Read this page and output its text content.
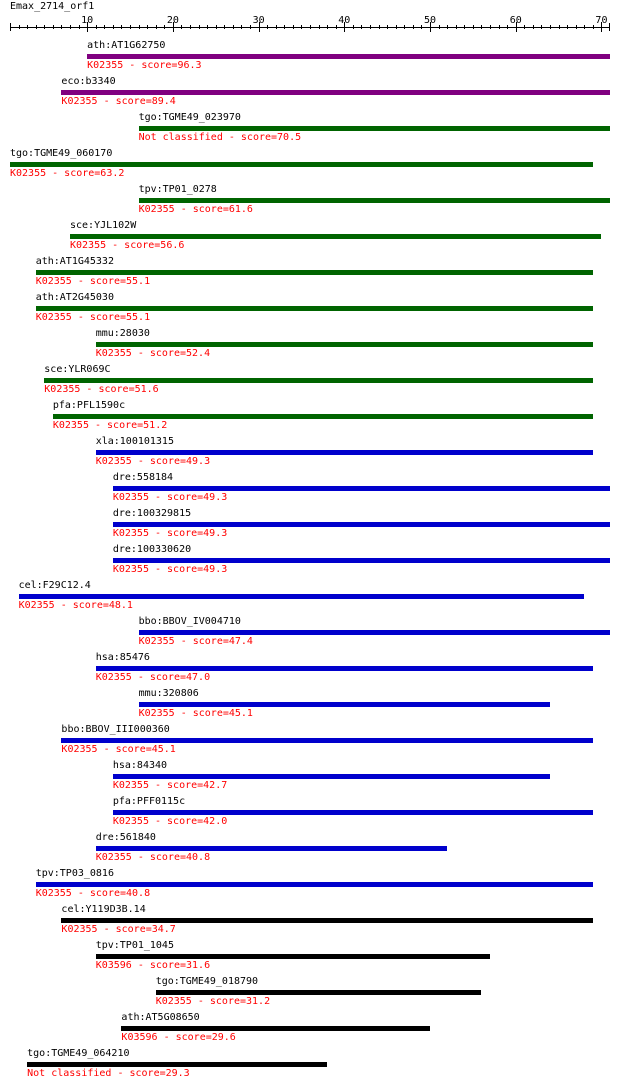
Emax_2714_orf1
10	20	30	40	50	60	70
ath:AT1G62750
K02355 - score=96.3
eco:b3340
K02355 - score=89.4
tgo:TGME49_023970
Not classified - score=70.5
tgo:TGME49_060170
K02355 - score=63.2
tpv:TP01_0278
K02355 - score=61.6
sce:YJL102W
K02355 - score=56.6
ath:AT1G45332
K02355 - score=55.1
ath:AT2G45030
K02355 - score=55.1
mmu:28030
K02355 - score=52.4
sce:YLR069C
K02355 - score=51.6
pfa:PFL1590c
K02355 - score=51.2
xla:100101315
K02355 - score=49.3
dre:558184
K02355 - score=49.3
dre:100329815
K02355 - score=49.3
dre:100330620
K02355 - score=49.3
cel:F29C12.4
K02355 - score=48.1
bbo:BBOV_IV004710
K02355 - score=47.4
hsa:85476
K02355 - score=47.0
mmu:320806
K02355 - score=45.1
bbo:BBOV_III000360
K02355 - score=45.1
hsa:84340
K02355 - score=42.7
pfa:PFF0115c
K02355 - score=42.0
dre:561840
K02355 - score=40.8
tpv:TP03_0816
K02355 - score=40.8
cel:Y119D3B.14
K02355 - score=34.7
tpv:TP01_1045
K03596 - score=31.6
tgo:TGME49_018790
K02355 - score=31.2
ath:AT5G08650
K03596 - score=29.6
tgo:TGME49_064210
Not classified - score=29.3
